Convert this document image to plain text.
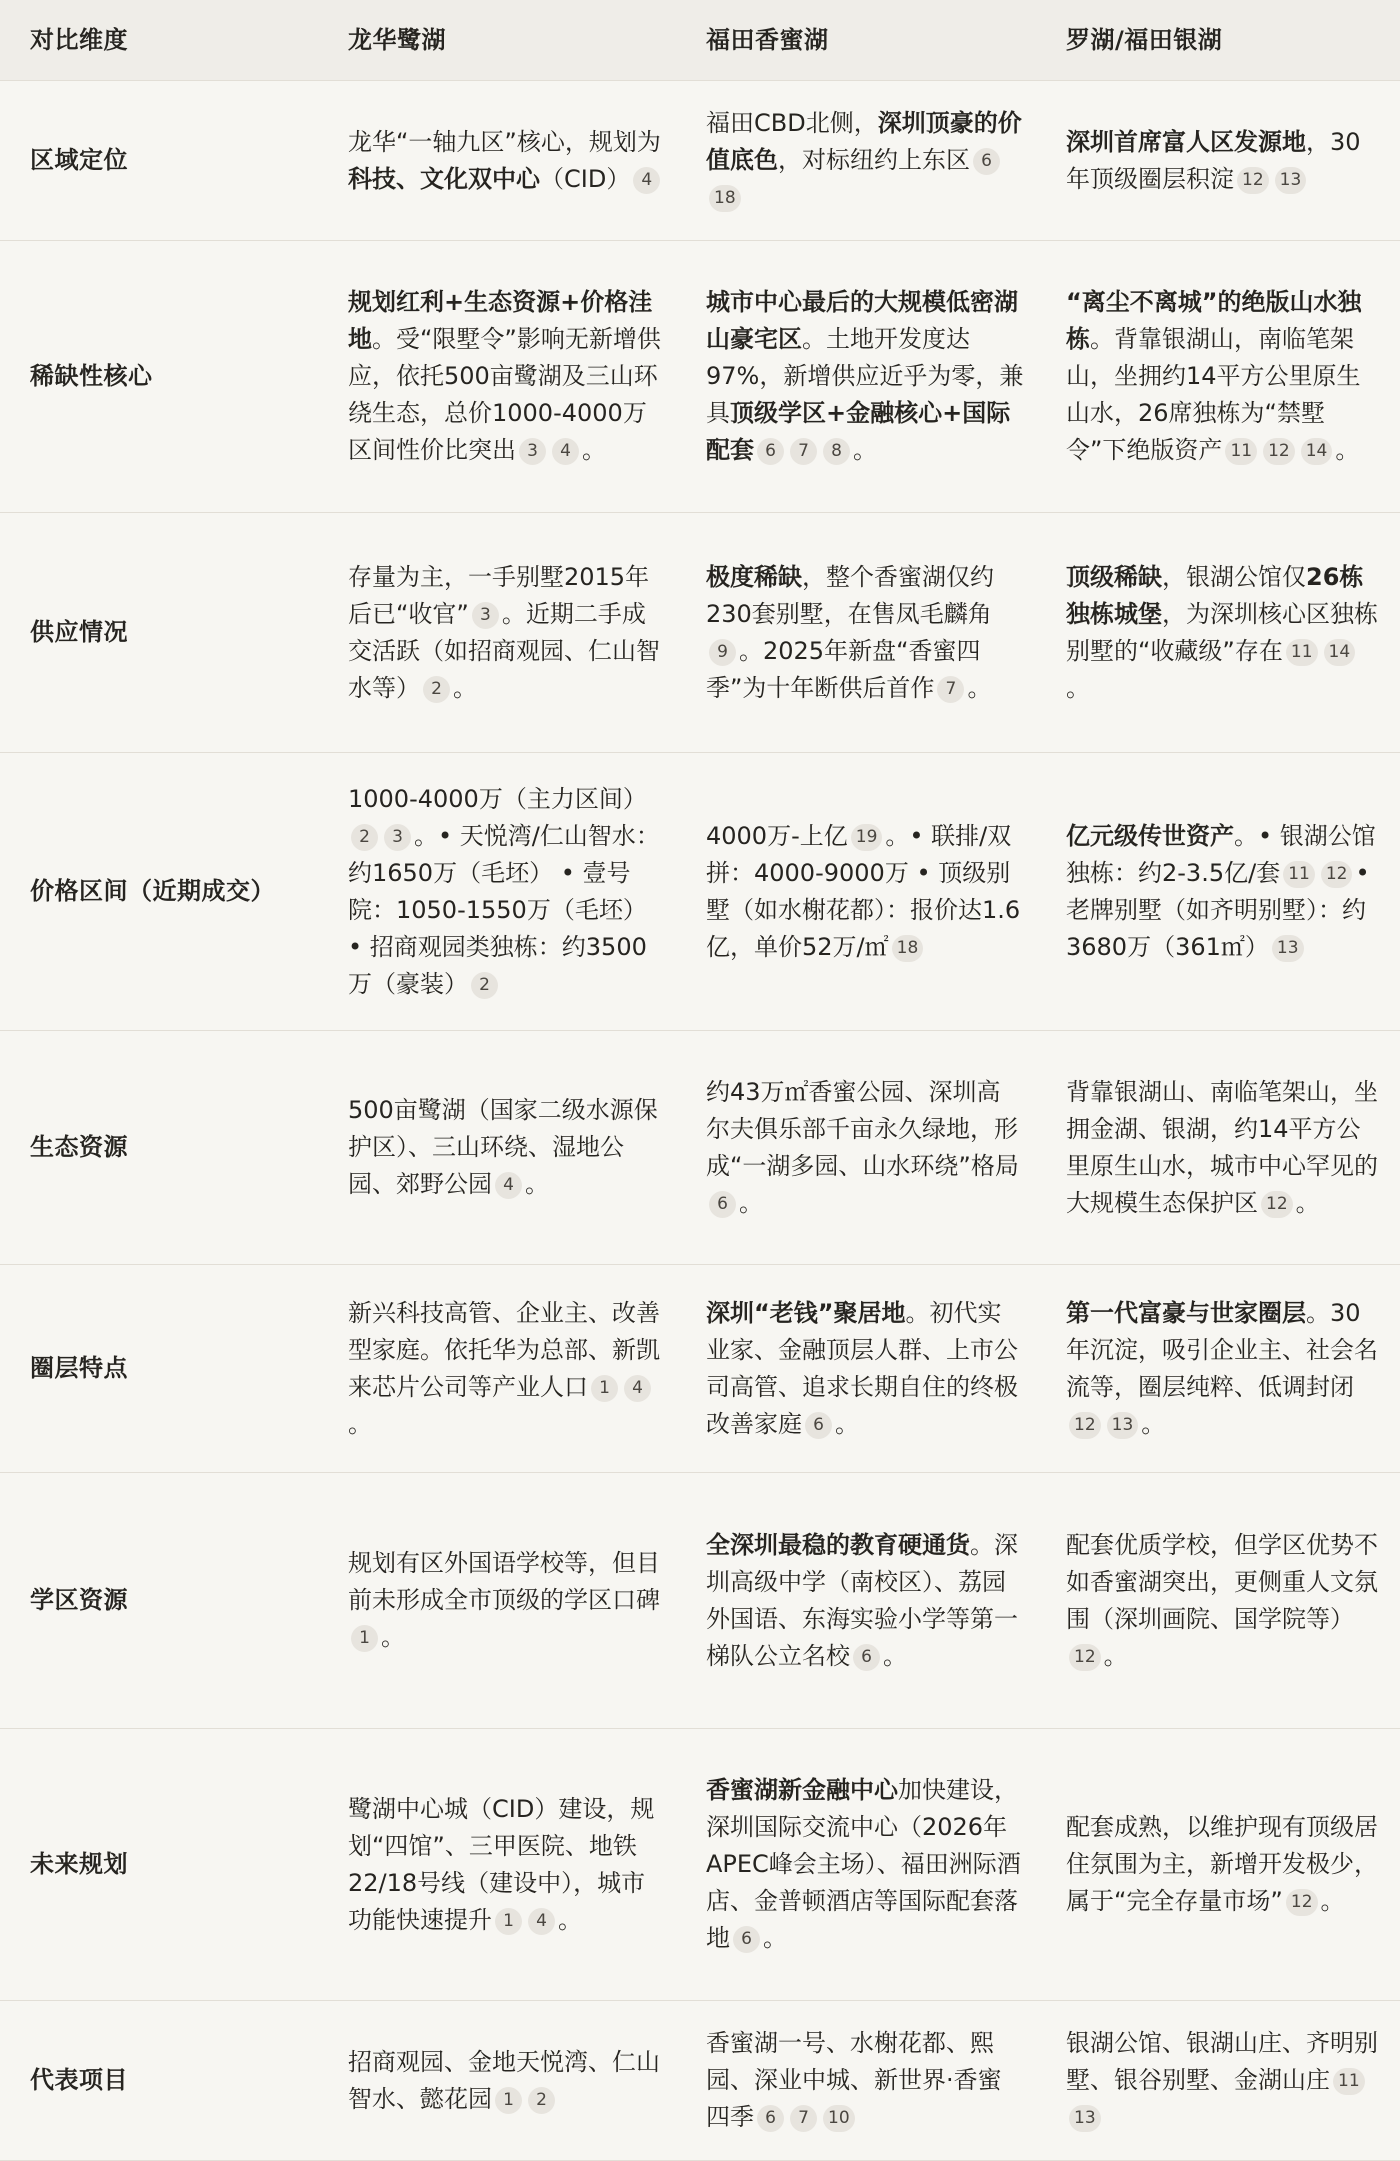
对比维度	龙华鹭湖	福田香蜜湖	罗湖/福田银湖
区域定位	龙华“一轴九区”核心，规划为科技、文化双中心（CID） 4	福田CBD北侧，深圳顶豪的价值底色，对标纽约上东区 618	深圳首席富人区发源地，30年顶级圈层积淀 12 13
稀缺性核心	规划红利+生态资源+价格洼地。受“限墅令”影响无新增供应，依托500亩鹭湖及三山环绕生态，总价1000-4000万区间性价比突出 3 4 。	城市中心最后的大规模低密湖山豪宅区。土地开发度达97%，新增供应近乎为零，兼具顶级学区+金融核心+国际配套 6 7 8 。	“离尘不离城”的绝版山水独栋。背靠银湖山，南临笔架山，坐拥约14平方公里原生山水，26席独栋为“禁墅令”下绝版资产 11 12 14 。
供应情况	存量为主，一手别墅2015年后已“收官” 3 。近期二手成交活跃（如招商观园、仁山智水等） 2 。	极度稀缺，整个香蜜湖仅约230套别墅，在售凤毛麟角9 。2025年新盘“香蜜四季”为十年断供后首作 7 。	顶级稀缺，银湖公馆仅26栋独栋城堡，为深圳核心区独栋别墅的“收藏级”存在 11 14。
价格区间（近期成交）	1000-4000万（主力区间）2 3 。• 天悦湾/仁山智水：约1650万（毛坯） • 壹号院：1050-1550万（毛坯） • 招商观园类独栋：约3500万（豪装） 2	4000万-上亿 19 。• 联排/双拼：4000-9000万 • 顶级别墅（如水榭花都）：报价达1.6亿，单价52万/㎡ 18	亿元级传世资产。• 银湖公馆独栋：约2-3.5亿/套 11 12 • 老牌别墅（如齐明别墅）：约3680万（361㎡） 13
生态资源	500亩鹭湖（国家二级水源保护区）、三山环绕、湿地公园、郊野公园 4 。	约43万㎡香蜜公园、深圳高尔夫俱乐部千亩永久绿地，形成“一湖多园、山水环绕”格局6 。	背靠银湖山、南临笔架山，坐拥金湖、银湖，约14平方公里原生山水，城市中心罕见的大规模生态保护区 12 。
圈层特点	新兴科技高管、企业主、改善型家庭。依托华为总部、新凯来芯片公司等产业人口 1 4。	深圳“老钱”聚居地。初代实业家、金融顶层人群、上市公司高管、追求长期自住的终极改善家庭 6 。	第一代富豪与世家圈层。30年沉淀，吸引企业主、社会名流等，圈层纯粹、低调封闭12 13 。
学区资源	规划有区外国语学校等，但目前未形成全市顶级的学区口碑1 。	全深圳最稳的教育硬通货。深圳高级中学（南校区）、荔园外国语、东海实验小学等第一梯队公立名校 6 。	配套优质学校，但学区优势不如香蜜湖突出，更侧重人文氛围（深圳画院、国学院等）12 。
未来规划	鹭湖中心城（CID）建设，规划“四馆”、三甲医院、地铁22/18号线（建设中），城市功能快速提升 1 4 。	香蜜湖新金融中心加快建设，深圳国际交流中心（2026年APEC峰会主场）、福田洲际酒店、金普顿酒店等国际配套落地 6 。	配套成熟，以维护现有顶级居住氛围为主，新增开发极少，属于“完全存量市场” 12 。
代表项目	招商观园、金地天悦湾、仁山智水、懿花园 1 2	香蜜湖一号、水榭花都、熙园、深业中城、新世界·香蜜四季 6 7 10	银湖公馆、银湖山庄、齐明别墅、银谷别墅、金湖山庄 1113
